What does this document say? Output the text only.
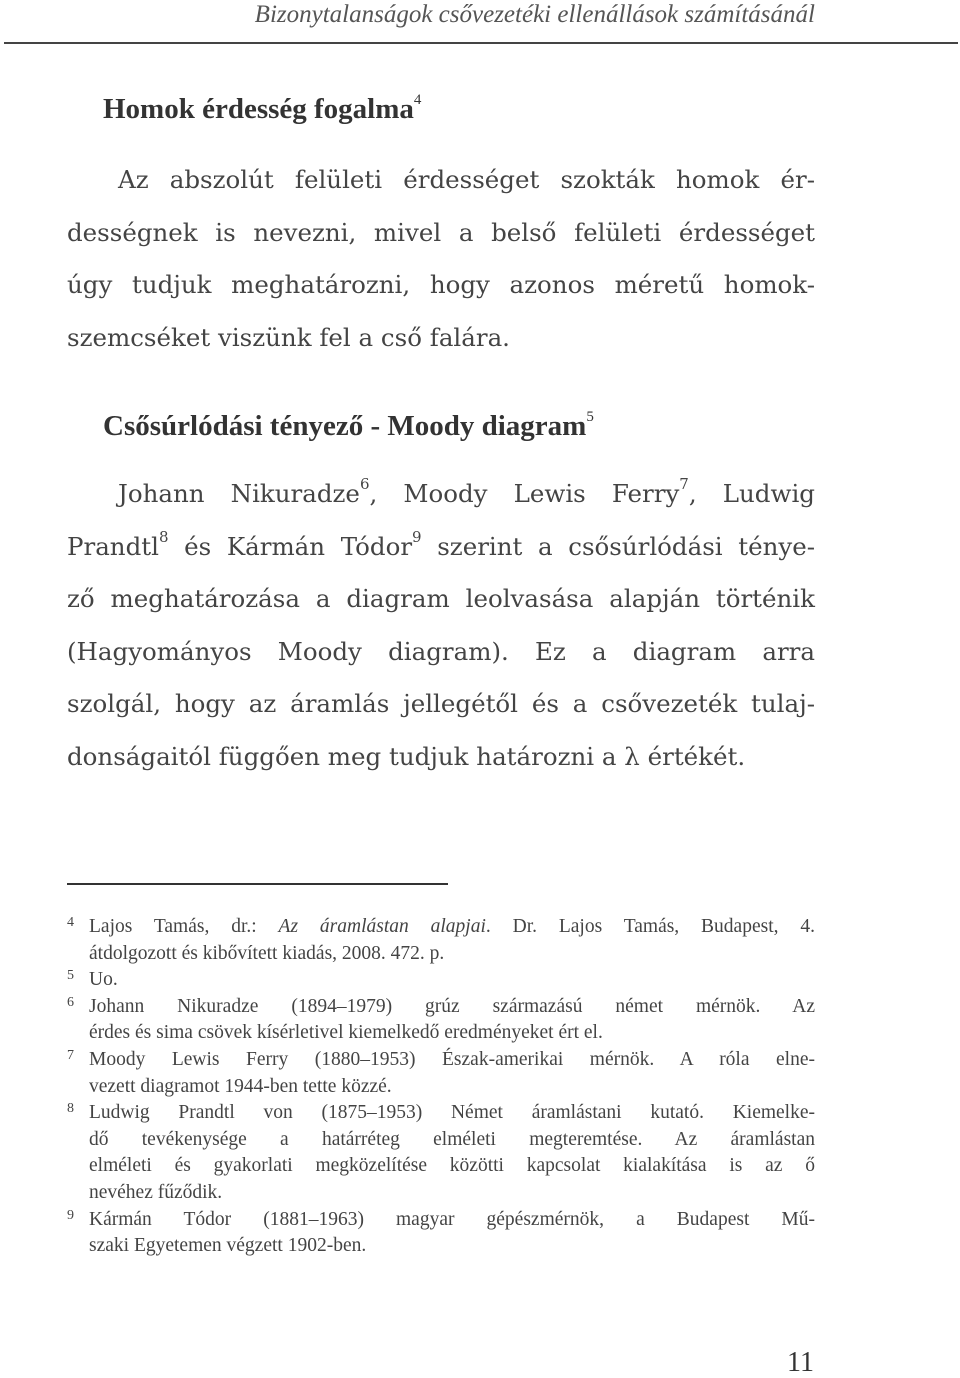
Bizonytalanságok csővezetéki ellenállások számításánál
Homok érdesség fogalma$^4$
Az abszolút felületi érdességet szokták homok ér-
dességnek is nevezni, mivel a belső felületi érdességet
úgy tudjuk meghatározni, hogy azonos méretű homok-
szemcséket viszünk fel a cső falára.
Csősúrlódási tényező - Moody diagram$^5$
Johann Nikuradze$^6$, Moody Lewis Ferry$^7$, Ludwig
Prandtl$^8$ és Kármán Tódor$^9$ szerint a csősúrlódási ténye-
ző meghatározása a diagram leolvasása alapján történik
(Hagyományos Moody diagram). Ez a diagram arra
szolgál, hogy az áramlás jellegétől és a csővezeték tulaj-
donságaitól függően meg tudjuk határozni a λ értékét.
4 Lajos Tamás, dr.: Az áramlástan alapjai. Dr. Lajos Tamás, Budapest, 4.
átdolgozott és kibővített kiadás, 2008. 472. p.
5 Uo.
6 Johann Nikuradze (1894–1979) grúz származású német mérnök. Az
érdes és sima csövek kísérletivel kiemelkedő eredményeket ért el.
7 Moody Lewis Ferry (1880–1953) Észak-amerikai mérnök. A róla elne-
vezett diagramot 1944-ben tette közzé.
8 Ludwig Prandtl von (1875–1953) Német áramlástani kutató. Kiemelke-
dő tevékenysége a határréteg elméleti megteremtése. Az áramlástan
elméleti és gyakorlati megközelítése közötti kapcsolat kialakítása is az ő
nevéhez fűződik.
9 Kármán Tódor (1881–1963) magyar gépészmérnök, a Budapest Mű-
szaki Egyetemen végzett 1902-ben.
11
